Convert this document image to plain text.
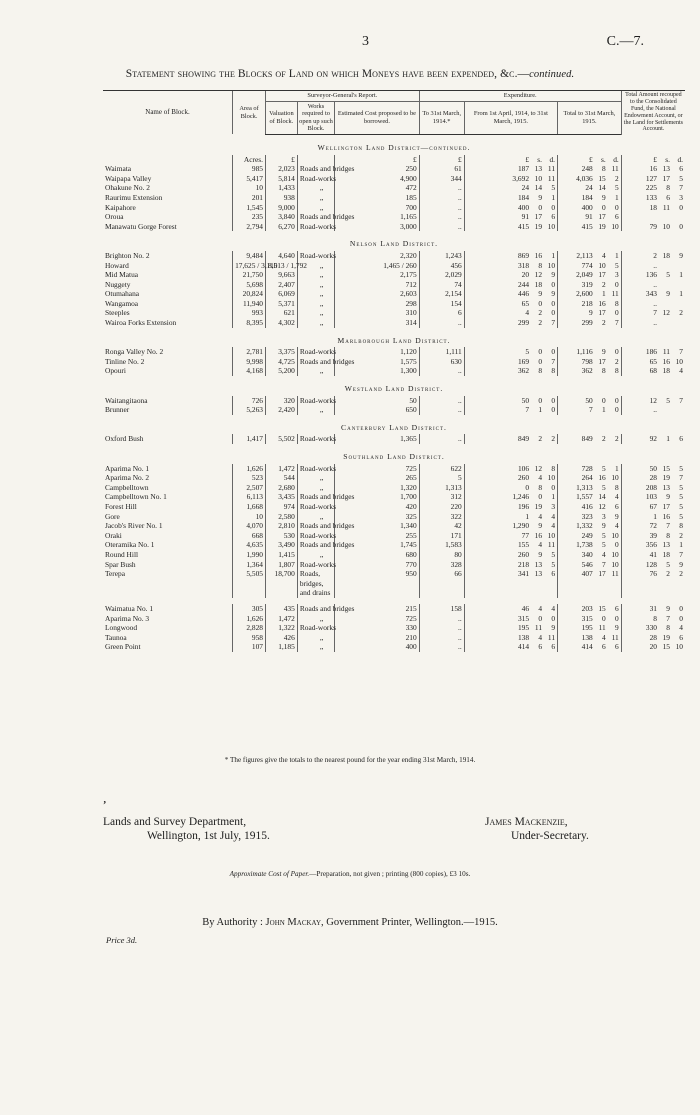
3	C.—7.
Statement showing the Blocks of Land on which Moneys have been expended, &c.—continued.
Name of Block.	Area of Block.	Surveyor-General's Report.			Expenditure.			Total Amount recouped to the Consolidated Fund, the National Endowment Account, or the Land for Settlements Account.
		Valuation of Block.	Works required to open up such Block.	Estimated Cost proposed to be borrowed.	To 31st March, 1914.*	From 1st April, 1914, to 31st March, 1915.	Total to 31st March, 1915.	
Wellington Land District—continued.								
	Acres.	£		£	£	£ s. d.	£ s. d.	£ s. d.

Waimata	985	2,023	Roads and bridges	250	61	187 13 11	248 8 11	16 13 6

Waipapa Valley	5,417	5,814	Road-works	4,900	344	3,692 10 11	4,036 15 2	127 17 5

Ohakune No. 2	10	1,433	,,	472	..	24 14 5	24 14 5	225 8 7

Raurimu Extension	201	938	,,	185	..	184 9 1	184 9 1	133 6 3

Kaipahore	1,545	9,000	,,	700	..	400 0 0	400 0 0	18 11 0

Oroua	235	3,840	Roads and bridges	1,165	..	91 17 6	91 17 6	

Manawatu Gorge Forest	2,794	6,270	Road-works	3,000	..	415 19 10	415 19 10	79 10 0

Nelson Land District.								
Brighton No. 2	9,484	4,640	Road-works	2,320	1,243	869 16 1	2,113 4 1	2 18 9

Howard	17,625 / 3,110	8,513 / 1,792	,,	1,465 / 260	456	318 8 10	774 10 5	..

Mid Matua	21,750	9,663	,,	2,175	2,029	20 12 9	2,049 17 3	136 5 1

Nuggety	5,698	2,407	,,	712	74	244 18 0	319 2 0	..

Otumahana	20,824	6,069	,,	2,603	2,154	446 9 9	2,600 1 11	343 9 1

Wangamoa	11,940	5,371	,,	298	154	65 0 0	218 16 8	..

Steeples	993	621	,,	310	6	4 2 0	9 17 0	7 12 2

Wairoa Forks Extension	8,395	4,302	,,	314	..	299 2 7	299 2 7	..

Marlborough Land District.								
Ronga Valley No. 2	2,781	3,375	Road-works	1,120	1,111	5 0 0	1,116 9 0	186 11 7

Tinline No. 2	9,998	4,725	Roads and bridges	1,575	630	169 0 7	798 17 2	65 16 10

Opouri	4,168	5,200	,,	1,300	..	362 8 8	362 8 8	68 18 4

Westland Land District.								
Waitangitaona	726	320	Road-works	50	..	50 0 0	50 0 0	12 5 7

Brunner	5,263	2,420	,,	650	..	7 1 0	7 1 0	..

Canterbury Land District.								
Oxford Bush	1,417	5,502	Road-works	1,365	..	849 2 2	849 2 2	92 1 6

Southland Land District.								
Aparima No. 1	1,626	1,472	Road-works	725	622	106 12 8	728 5 1	50 15 5

Aparima No. 2	523	544	,,	265	5	260 4 10	264 16 10	28 19 7

Campbelltown	2,507	2,680	,,	1,320	1,313	0 8 0	1,313 5 8	208 13 5

Campbelltown No. 1	6,113	3,435	Roads and bridges	1,700	312	1,246 0 1	1,557 14 4	103 9 5

Forest Hill	1,668	974	Road-works	420	220	196 19 3	416 12 6	67 17 5

Gore	10	2,580	,,	325	322	1 4 4	323 3 9	1 16 5

Jacob's River No. 1	4,070	2,810	Roads and bridges	1,340	42	1,290 9 4	1,332 9 4	72 7 8

Oraki	668	530	Road-works	255	171	77 16 10	249 5 10	39 8 2

Oteramika No. 1	4,635	3,490	Roads and bridges	1,745	1,583	155 4 11	1,738 5 0	356 13 1

Round Hill	1,990	1,415	,,	680	80	260 9 5	340 4 10	41 18 7

Spar Bush	1,364	1,807	Road-works	770	328	218 13 5	546 7 10	128 5 9

Terepa	5,505	18,700	Roads, bridges, and drains	950	66	341 13 6	407 17 11	76 2 2

Waimatua No. 1	305	435	Roads and bridges	215	158	46 4 4	203 15 6	31 9 0

Aparima No. 3	1,626	1,472	,,	725	..	315 0 0	315 0 0	8 7 0

Longwood	2,828	1,322	Road-works	330	..	195 11 9	195 11 9	330 8 4

Taunoa	958	426	,,	210	..	138 4 11	138 4 11	28 19 6

Green Point	107	1,185	,,	400	..	414 6 6	414 6 6	20 15 10
* The figures give the totals to the nearest pound for the year ending 31st March, 1914.
ʼ
Lands and Survey Department,
Wellington, 1st July, 1915.
James Mackenzie,
Under-Secretary.
Approximate Cost of Paper.—Preparation, not given ; printing (800 copies), £3 10s.
By Authority : John Mackay, Government Printer, Wellington.—1915.
Price 3d.
